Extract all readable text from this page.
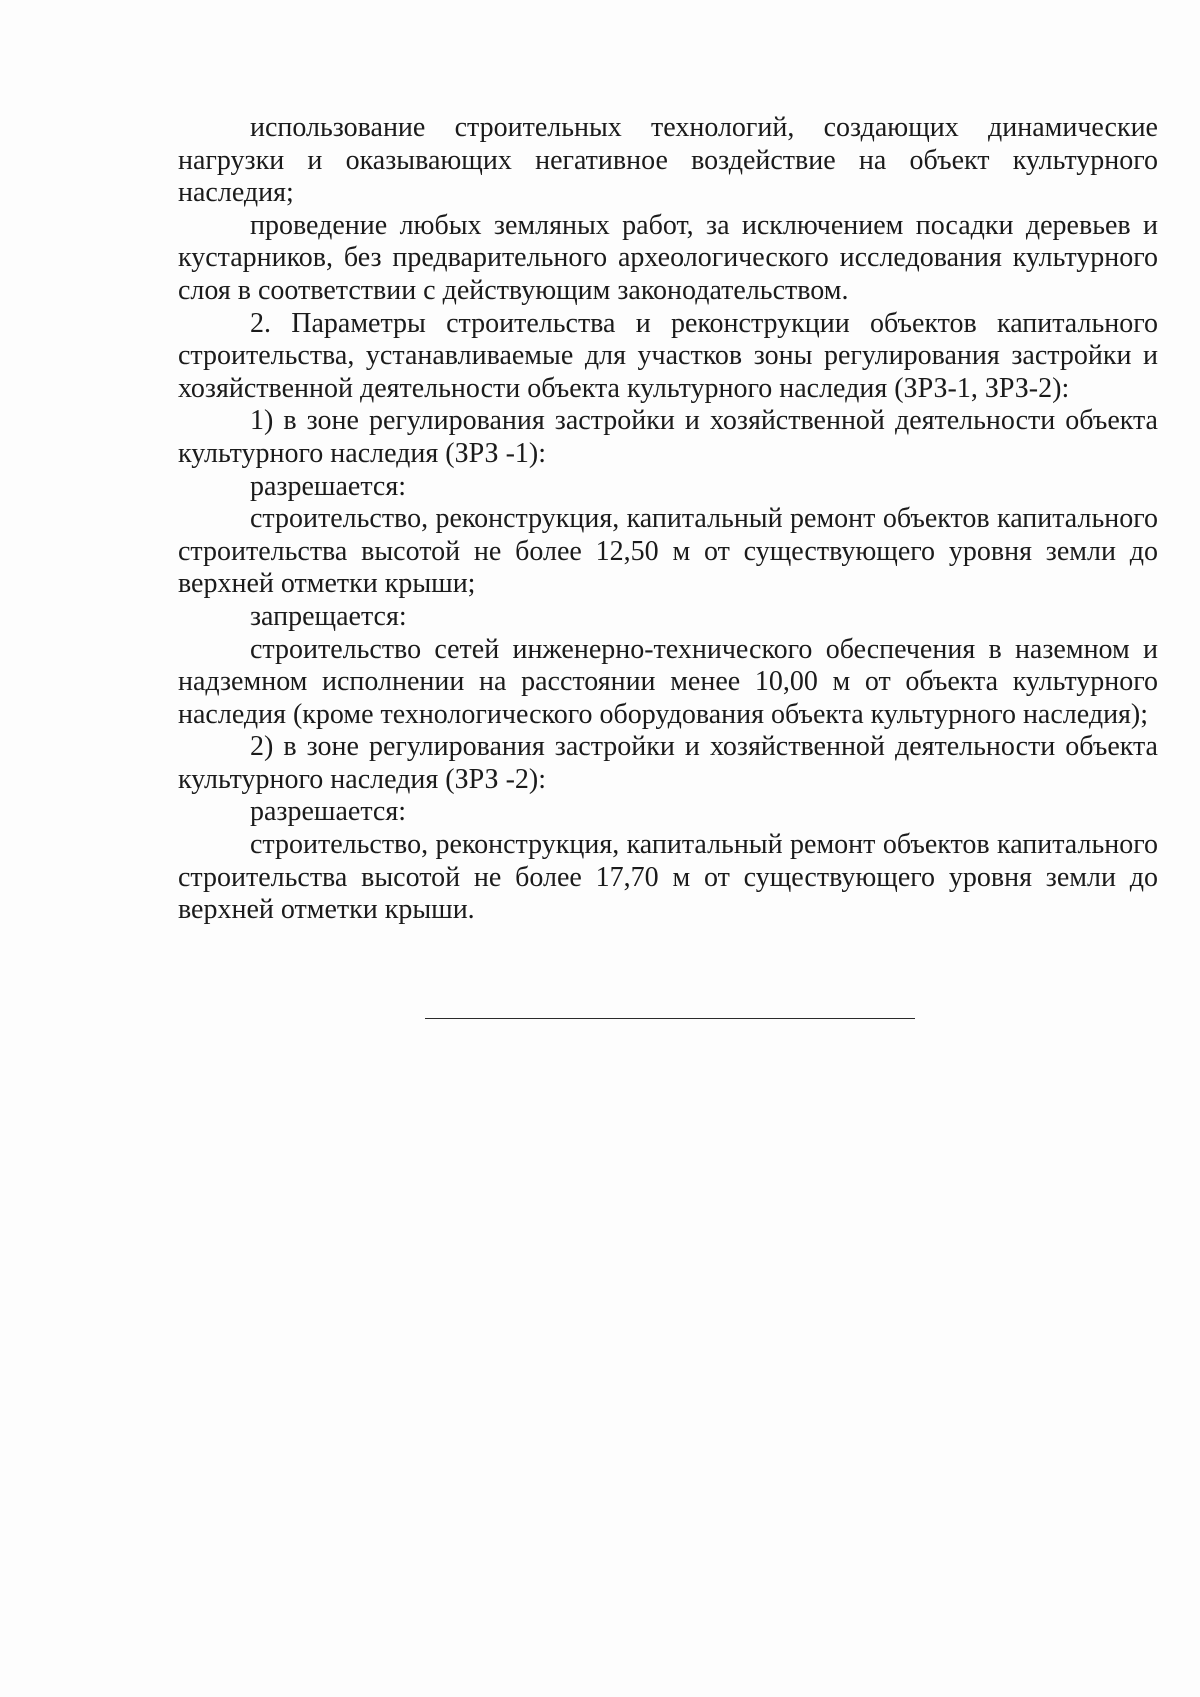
использование строительных технологий, создающих динамические нагрузки и оказывающих негативное воздействие на объект культурного наследия;

проведение любых земляных работ, за исключением посадки деревьев и кустарников, без предварительного археологического исследования культурного слоя в соответствии с действующим законодательством.

2. Параметры строительства и реконструкции объектов капитального строительства, устанавливаемые для участков зоны регулирования застройки и хозяйственной деятельности объекта культурного наследия (ЗРЗ-1, ЗРЗ-2):

1) в зоне регулирования застройки и хозяйственной деятельности объекта культурного наследия (ЗРЗ -1):

разрешается:

строительство, реконструкция, капитальный ремонт объектов капитального строительства высотой не более 12,50 м от существующего уровня земли до верхней отметки крыши;

запрещается:

строительство сетей инженерно-технического обеспечения в наземном и надземном исполнении на расстоянии менее 10,00 м от объекта культурного наследия (кроме технологического оборудования объекта культурного наследия);

2) в зоне регулирования застройки и хозяйственной деятельности объекта культурного наследия (ЗРЗ -2):

разрешается:

строительство, реконструкция, капитальный ремонт объектов капитального строительства высотой не более 17,70 м от существующего уровня земли до верхней отметки крыши.
